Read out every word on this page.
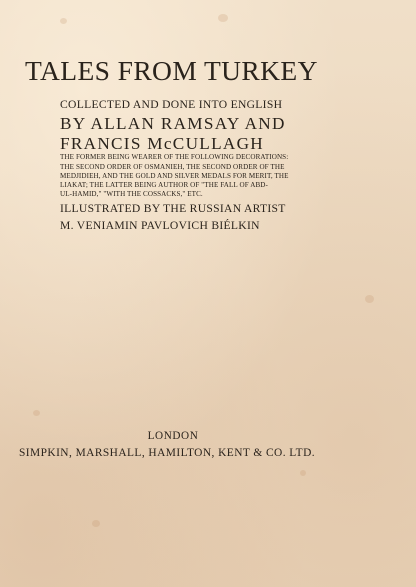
TALES FROM TURKEY
COLLECTED AND DONE INTO ENGLISH
BY ALLAN RAMSAY AND
FRANCIS McCULLAGH
THE FORMER BEING WEARER OF THE FOLLOWING DECORATIONS:
THE SECOND ORDER OF OSMANIEH, THE SECOND ORDER OF THE
MEDJIDIEH, AND THE GOLD AND SILVER MEDALS FOR MERIT, THE
LIAKAT; THE LATTER BEING AUTHOR OF "THE FALL OF ABD-
UL-HAMID," "WITH THE COSSACKS," ETC.
ILLUSTRATED BY THE RUSSIAN ARTIST
M. VENIAMIN PAVLOVICH BIÉLKIN
LONDON
SIMPKIN, MARSHALL, HAMILTON, KENT & CO. LTD.
